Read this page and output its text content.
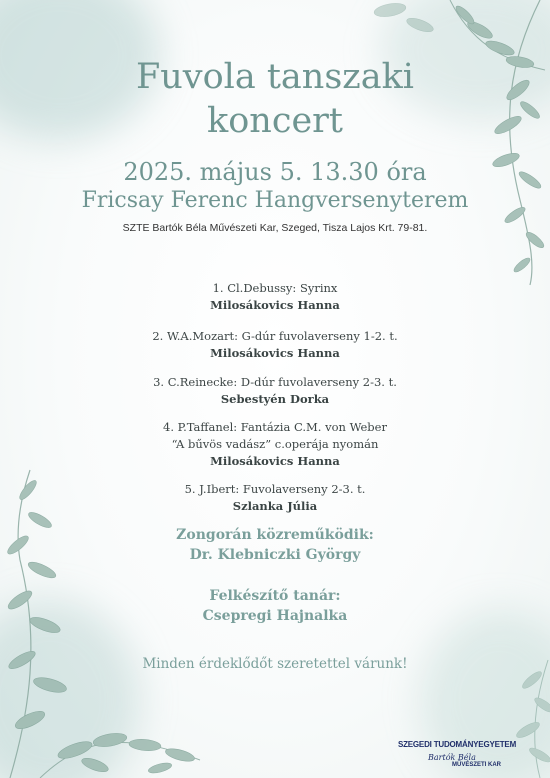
Fuvola tanszaki
koncert
2025. május 5. 13.30 óra
Fricsay Ferenc Hangversenyterem
SZTE Bartók Béla Művészeti Kar, Szeged, Tisza Lajos Krt. 79-81.
1. Cl.Debussy: Syrinx
Milosákovics Hanna
2. W.A.Mozart: G-dúr fuvolaverseny 1-2. t.
Milosákovics Hanna
3. C.Reinecke: D-dúr fuvolaverseny 2-3. t.
Sebestyén Dorka
4. P.Taffanel: Fantázia C.M. von Weber
“A bűvös vadász” c.operája nyomán
Milosákovics Hanna
5. J.Ibert: Fuvolaverseny 2-3. t.
Szlanka Júlia
Zongorán közreműködik:
Dr. Klebniczki György
Felkészítő tanár:
Csepregi Hajnalka
Minden érdeklődőt szeretettel várunk!
SZEGEDI TUDOMÁNYEGYETEM
Bartók Béla
MŰVÉSZETI KAR
